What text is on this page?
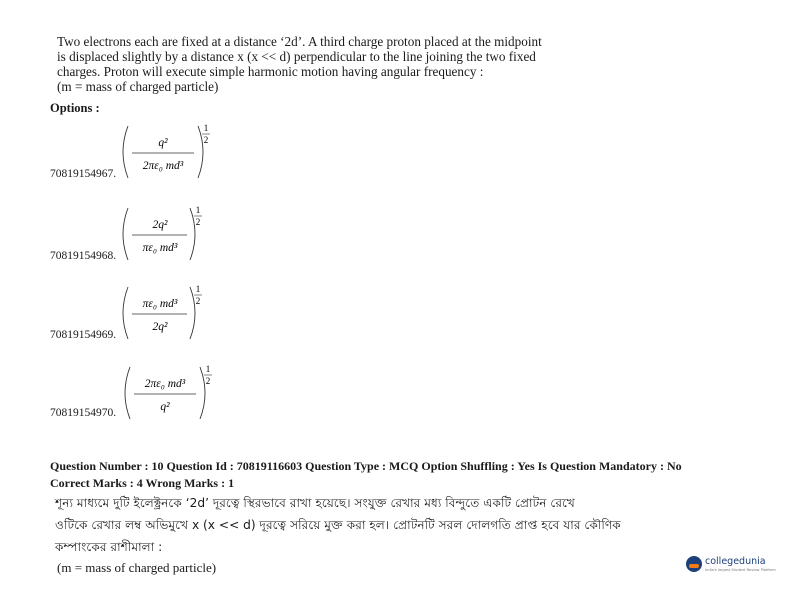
Two electrons each are fixed at a distance ‘2d’. A third charge proton placed at the midpoint
is displaced slightly by a distance x (x << d) perpendicular to the line joining the two fixed
charges. Proton will execute simple harmonic motion having angular frequency :
(m = mass of charged particle)
Options :
q²
2πε₀ md³
1
2
70819154967.
2q²
πε₀ md³
1
2
70819154968.
πε₀ md³
2q²
1
2
70819154969.
2πε₀ md³
q²
1
2
70819154970.
Question Number : 10 Question Id : 70819116603 Question Type : MCQ Option Shuffling : Yes Is Question Mandatory : No
Correct Marks : 4 Wrong Marks : 1
শূন্য মাধ্যমে দুটি ইলেক্ট্রনকে ‘2d’ দূরত্বে স্থিরভাবে রাখা হয়েছে। সংযুক্ত রেখার মধ্য বিন্দুতে একটি প্রোটন রেখে
ওটিকে রেখার লম্ব অভিমুখে x (x << d) দূরত্বে সরিয়ে মুক্ত করা হল। প্রোটনটি সরল দোলগতি প্রাপ্ত হবে যার কৌণিক
কম্পাংকের রাশীমালা :
(m = mass of charged particle)	collegedunia
India's largest Student Review Platform
